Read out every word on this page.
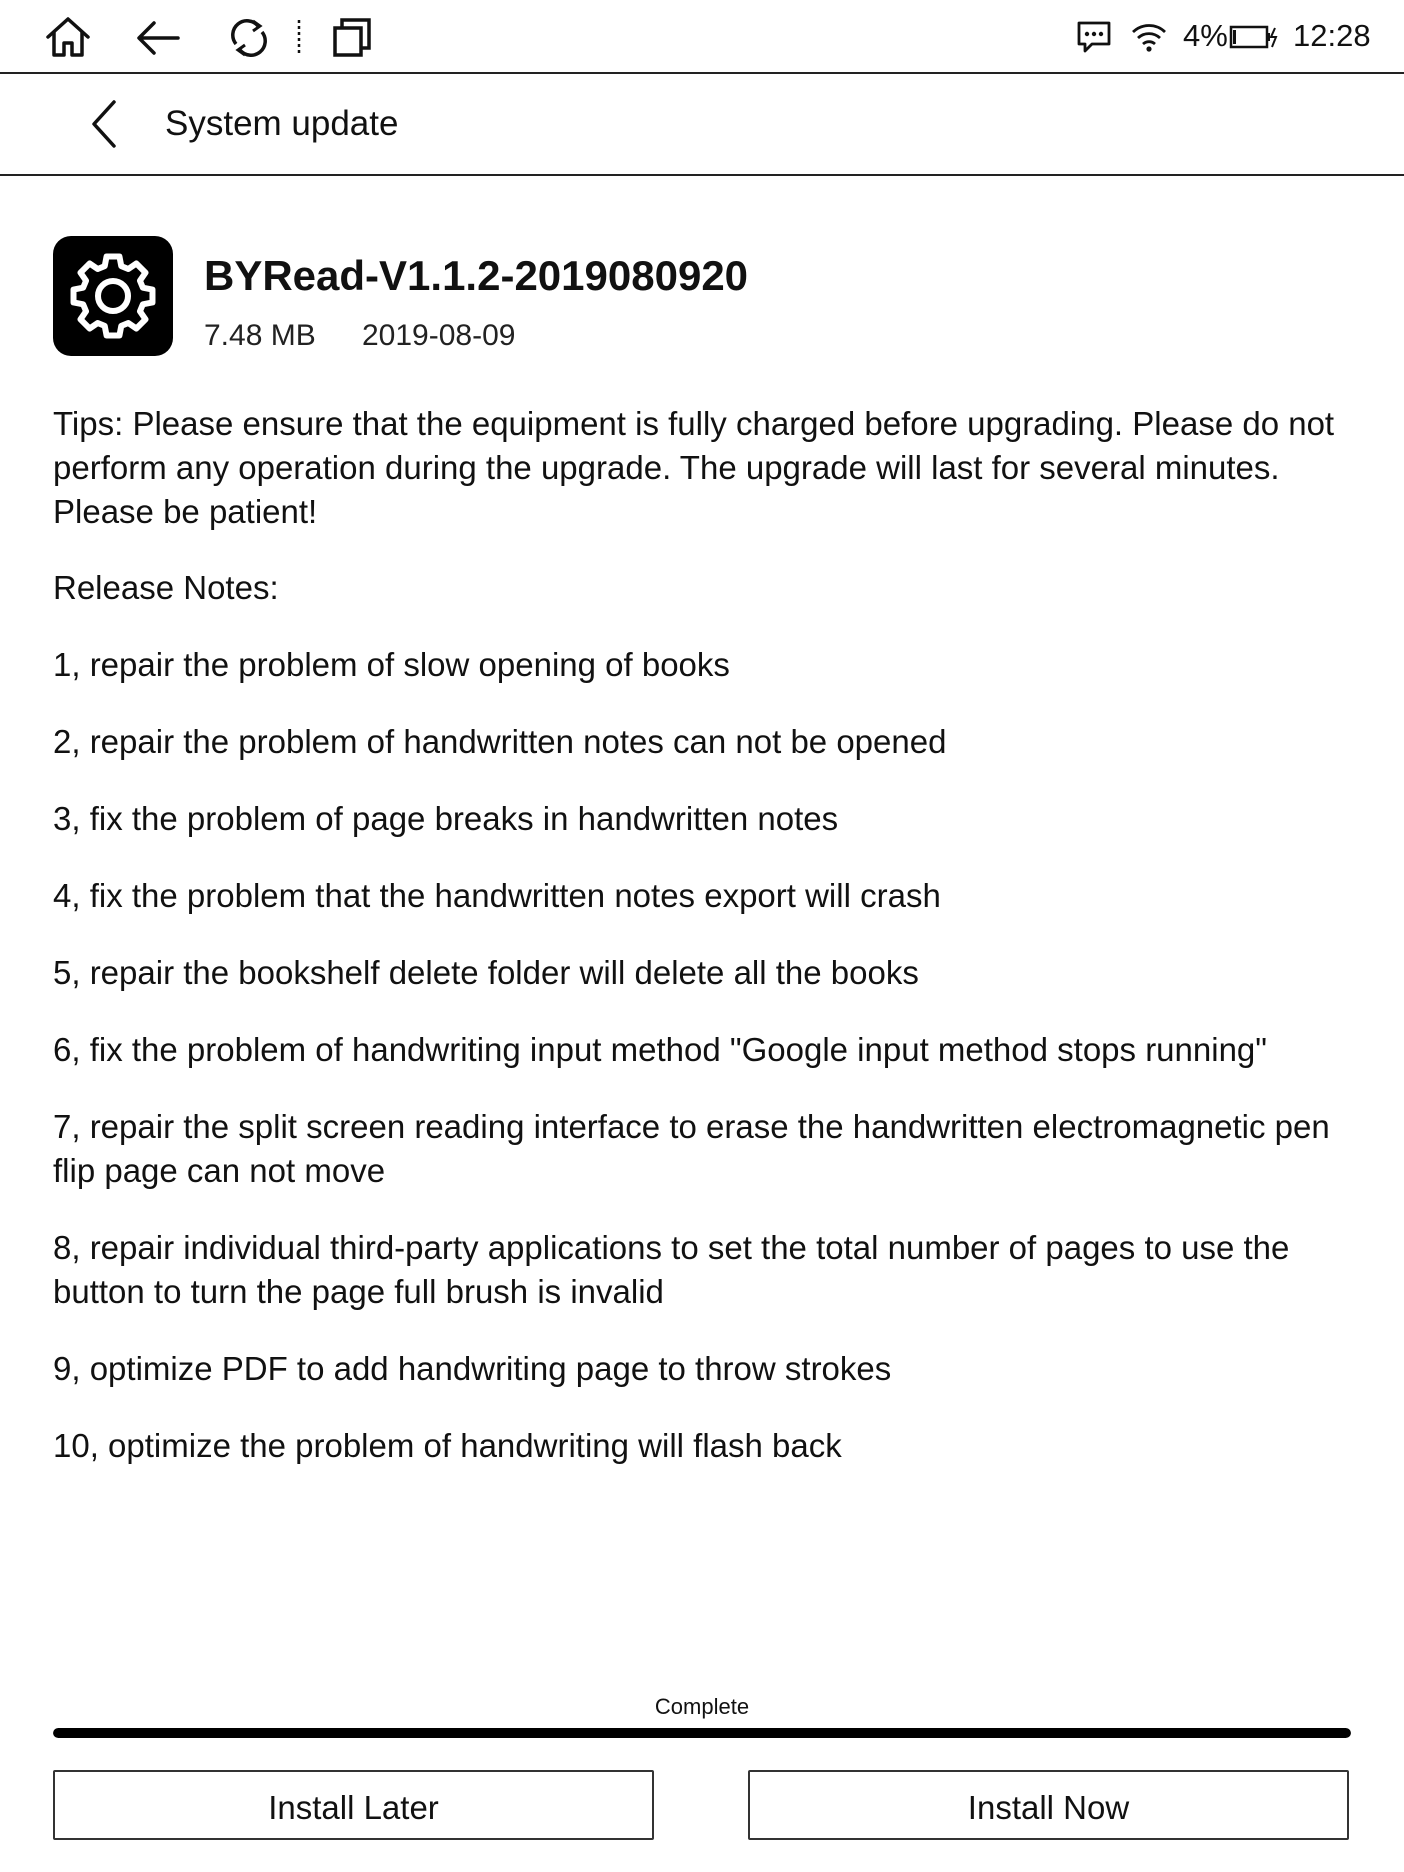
4% 12:28
System update
BYRead-V1.1.2-2019080920
7.48 MB 2019-08-09

Tips: Please ensure that the equipment is fully charged before upgrading. Please do not perform any operation during the upgrade. The upgrade will last for several minutes. Please be patient!

Release Notes:

1, repair the problem of slow opening of books
2, repair the problem of handwritten notes can not be opened
3, fix the problem of page breaks in handwritten notes
4, fix the problem that the handwritten notes export will crash
5, repair the bookshelf delete folder will delete all the books
6, fix the problem of handwriting input method "Google input method stops running"
7, repair the split screen reading interface to erase the handwritten electromagnetic pen flip page can not move
8, repair individual third-party applications to set the total number of pages to use the button to turn the page full brush is invalid
9, optimize PDF to add handwriting page to throw strokes
10, optimize the problem of handwriting will flash back
Complete
Install Later	Install Now
